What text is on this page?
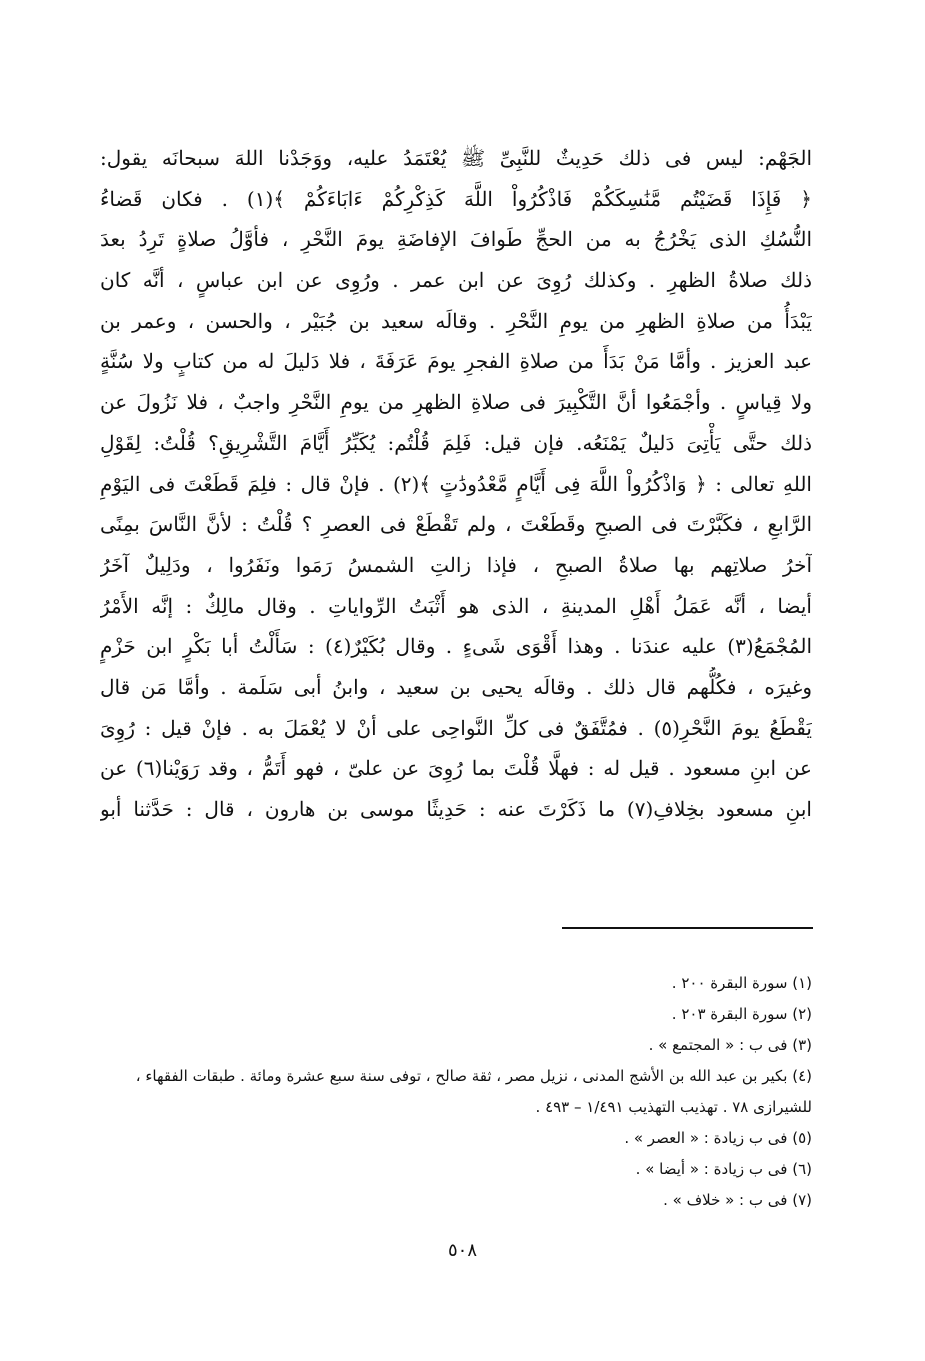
الجَهْم: ليس فى ذلك حَدِيثٌ للنَّبِىِّ ﷺ يُعْتَمَدُ عليه، ووَجَدْنا اللهَ سبحانَه يقول:
﴿ فَإِذَا قَضَيْتُم مَّنَٰسِكَكُمْ فَاذْكُرُواْ اللَّهَ كَذِكْرِكُمْ ءَابَاءَكُمْ ﴾(١) . فكان قَضاءُ
النُّسُكِ الذى يَخْرُجُ به من الحجِّ طَوافَ الإفاضَةِ يومَ النَّحْرِ ، فأوَّلُ صلاةٍ تَرِدُ بعدَ
ذلك صلاةُ الظهرِ . وكذلك رُوِىَ عن ابن عمر . ورُوِى عن ابن عباسٍ ، أنَّه كان
يَبْدَأُ من صلاةِ الظهرِ من يومِ النَّحْرِ . وقالَه سعيد بن جُبَيْر ، والحسن ، وعمر بن
عبد العزيز . وأمَّا مَنْ بَدَأَ من صلاةِ الفجرِ يومَ عَرَفَةَ ، فلا دَليلَ له من كتابٍ ولا سُنَّةٍ
ولا قِياسٍ . وأجْمَعُوا أنَّ التَّكْبِيرَ فى صلاةِ الظهرِ من يومِ النَّحْرِ واجبٌ ، فلا نَزُولَ عن
ذلك حتَّى يَأْتِىَ دَليلٌ يَمْنَعُه. فإن قيل: فَلِمَ قُلْتُم: يُكَبِّرُ أَيَّامَ التَّشْرِيقِ؟ قُلْتُ: لِقَوْلِ
اللهِ تعالى : ﴿ وَاذْكُرُواْ اللَّهَ فِى أَيَّامٍ مَّعْدُودَٰتٍ ﴾(٢) . فإنْ قال : فلِمَ قَطَعْتَ فى اليَوْمِ
الرَّابعِ ، فكَبَّرْتَ فى الصبحِ وقَطَعْتَ ، ولم تَقْطَعْ فى العصرِ ؟ قُلْتُ : لأنَّ النَّاسَ بمِنًى
آخرُ صلاتِهم بها صلاةُ الصبحِ ، فإذا زالتِ الشمسُ رَمَوا ونَفَرُوا ، ودَلِيلٌ آخَرُ
أيضا ، أنَّه عَمَلُ أَهْلِ المدينةِ ، الذى هو أَثْبَتُ الرِّواياتِ . وقال مالِكٌ : إنَّه الأَمْرُ
المُجْمَعُ(٣) عليه عندَنا . وهذا أَقْوَى شَىءٍ . وقال بُكَيْرٌ(٤) : سَأَلْتُ أبا بَكْرٍ ابن حَزْمٍ
وغيرَه ، فكُلُّهم قال ذلك . وقالَه يحيى بن سعيد ، وابنُ أبى سَلَمة . وأمَّا مَن قال
يَقْطَعُ يومَ النَّحْرِ(٥) . فمُتَّفَقٌ فى كلِّ النَّواحِى على أنْ لا يُعْمَلَ به . فإنْ قيل : رُوِىَ
عن ابنِ مسعود . قيل له : فهلَّا قُلْتَ بما رُوِىَ عن علىّ ، فهو أَتَمُّ ، وقد رَوَيْنا(٦) عن
ابنِ مسعود بخِلافِ(٧) ما ذَكَرْتَ عنه : حَدِيثًا موسى بن هارون ، قال : حَدَّثنا أبو
(١) سورة البقرة ٢٠٠ .
(٢) سورة البقرة ٢٠٣ .
(٣) فى ب : « المجتمع » .
(٤) بكير بن عبد الله بن الأشج المدنى ، نزيل مصر ، ثقة صالح ، توفى سنة سبع عشرة ومائة . طبقات الفقهاء ،
للشيرازى ٧٨ . تهذيب التهذيب ١/٤٩١ – ٤٩٣ .
(٥) فى ب زيادة : « العصر » .
(٦) فى ب زيادة : « أيضا » .
(٧) فى ب : « خلاف » .
٥٠٨
